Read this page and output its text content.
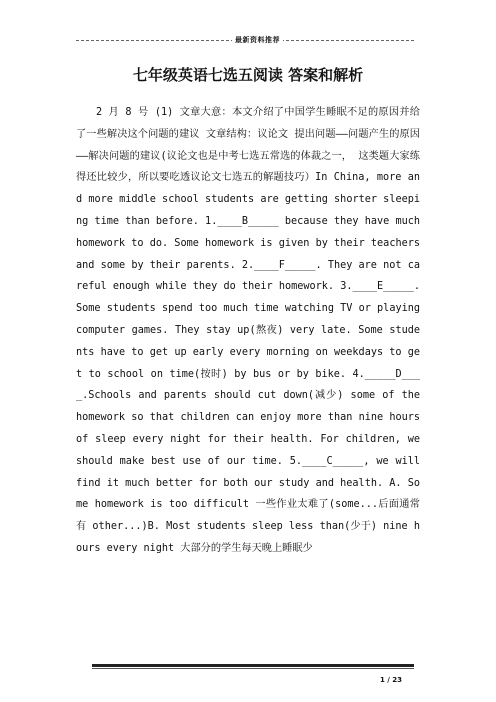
最新资料推荐
七年级英语七选五阅读 答案和解析
2 月 8 号 (1) 文章大意：本文介绍了中国学生睡眠不足的原因并给了一些解决这个问题的建议 文章结构：议论文 提出问题——问题产生的原因——解决问题的建议(议论文也是中考七选五常选的体裁之一， 这类题大家练得还比较少，所以要吃透议论文七选五的解题技巧）In China, more and more middle school students are getting shorter sleeping time than before. 1.____B_____ because they have much homework to do. Some homework is given by their teachers and some by their parents. 2.____F_____. They are not careful enough while they do their homework. 3.____E_____. Some students spend too much time watching TV or playing computer games. They stay up(熬夜) very late. Some students have to get up early every morning on weekdays to get to school on time(按时) by bus or by bike. 4._____D____.Schools and parents should cut down(减少) some of the homework so that children can enjoy more than nine hours of sleep every night for their health. For children, we should make best use of our time. 5.____C_____, we will find it much better for both our study and health. A. Some homework is too difficult 一些作业太难了(some...后面通常有 other...)B. Most students sleep less than(少于) nine hours every night 大部分的学生每天晚上睡眠少
1 / 23
